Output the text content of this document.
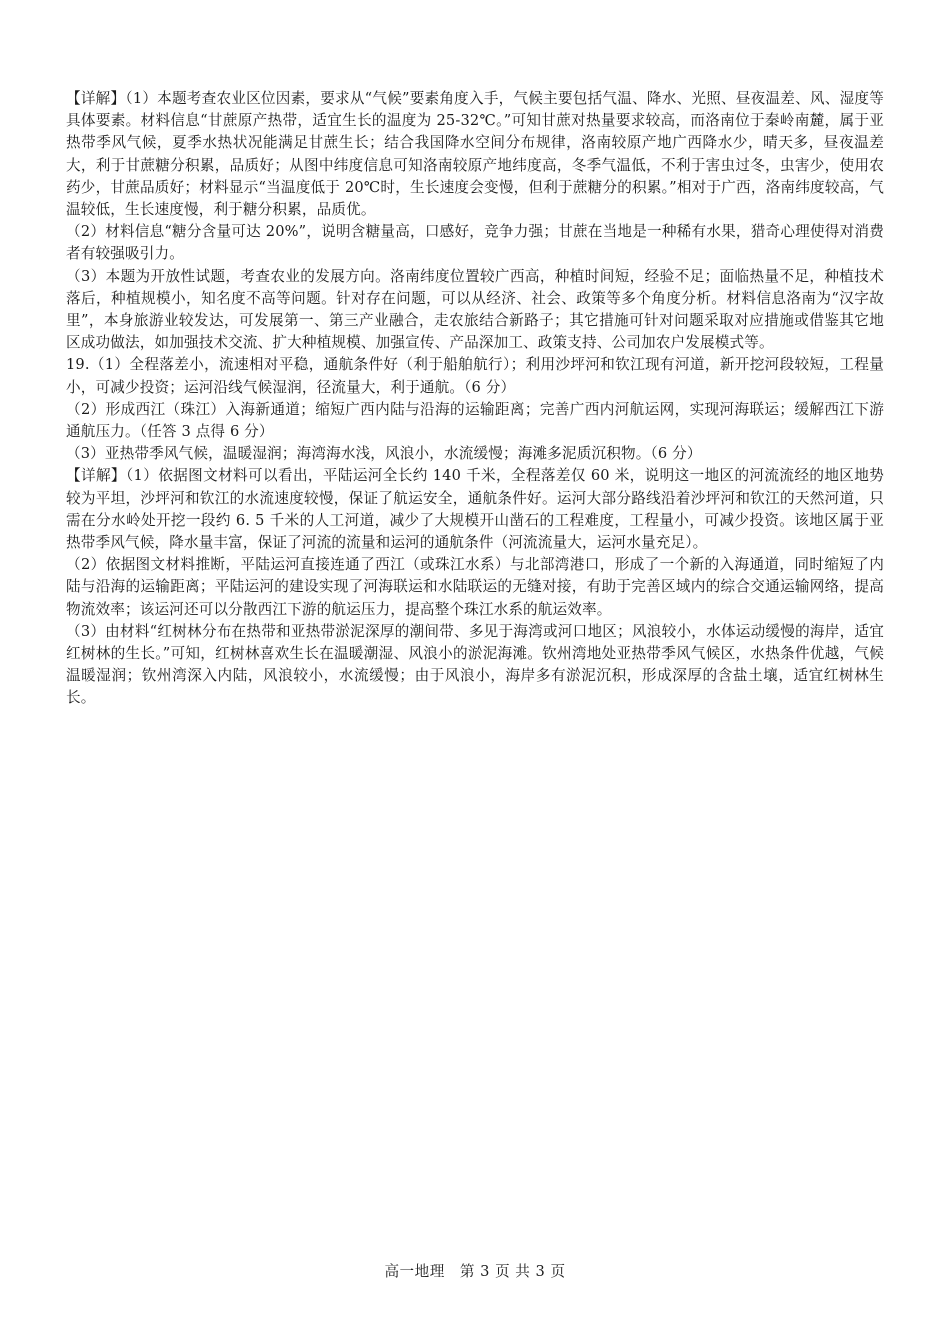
【详解】（1）本题考查农业区位因素，要求从“气候”要素角度入手，气候主要包括气温、降水、光照、昼夜温差、风、湿度等具体要素。材料信息“甘蔗原产热带，适宜生长的温度为 25-32℃。”可知甘蔗对热量要求较高，而洛南位于秦岭南麓，属于亚热带季风气候，夏季水热状况能满足甘蔗生长；结合我国降水空间分布规律，洛南较原产地广西降水少，晴天多，昼夜温差大，利于甘蔗糖分积累，品质好；从图中纬度信息可知洛南较原产地纬度高，冬季气温低，不利于害虫过冬，虫害少，使用农药少，甘蔗品质好；材料显示“当温度低于 20℃时，生长速度会变慢，但利于蔗糖分的积累。”相对于广西，洛南纬度较高，气温较低，生长速度慢，利于糖分积累，品质优。

（2）材料信息“糖分含量可达 20%”，说明含糖量高，口感好，竞争力强；甘蔗在当地是一种稀有水果，猎奇心理使得对消费者有较强吸引力。

（3）本题为开放性试题，考查农业的发展方向。洛南纬度位置较广西高，种植时间短，经验不足；面临热量不足，种植技术落后，种植规模小，知名度不高等问题。针对存在问题，可以从经济、社会、政策等多个角度分析。材料信息洛南为“汉字故里”，本身旅游业较发达，可发展第一、第三产业融合，走农旅结合新路子；其它措施可针对问题采取对应措施或借鉴其它地区成功做法，如加强技术交流、扩大种植规模、加强宣传、产品深加工、政策支持、公司加农户发展模式等。

19.（1）全程落差小，流速相对平稳，通航条件好（利于船舶航行）；利用沙坪河和钦江现有河道，新开挖河段较短，工程量小，可减少投资；运河沿线气候湿润，径流量大，利于通航。（6 分）

（2）形成西江（珠江）入海新通道；缩短广西内陆与沿海的运输距离；完善广西内河航运网，实现河海联运；缓解西江下游通航压力。（任答 3 点得 6 分）

（3）亚热带季风气候，温暖湿润；海湾海水浅，风浪小，水流缓慢；海滩多泥质沉积物。（6 分）

【详解】（1）依据图文材料可以看出，平陆运河全长约 140 千米，全程落差仅 60 米，说明这一地区的河流流经的地区地势较为平坦，沙坪河和钦江的水流速度较慢，保证了航运安全，通航条件好。运河大部分路线沿着沙坪河和钦江的天然河道，只需在分水岭处开挖一段约 6. 5 千米的人工河道，减少了大规模开山凿石的工程难度，工程量小，可减少投资。该地区属于亚热带季风气候，降水量丰富，保证了河流的流量和运河的通航条件（河流流量大，运河水量充足）。

（2）依据图文材料推断，平陆运河直接连通了西江（或珠江水系）与北部湾港口，形成了一个新的入海通道，同时缩短了内陆与沿海的运输距离；平陆运河的建设实现了河海联运和水陆联运的无缝对接，有助于完善区域内的综合交通运输网络，提高物流效率；该运河还可以分散西江下游的航运压力，提高整个珠江水系的航运效率。

（3）由材料“红树林分布在热带和亚热带淤泥深厚的潮间带、多见于海湾或河口地区；风浪较小，水体运动缓慢的海岸，适宜红树林的生长。”可知，红树林喜欢生长在温暖潮湿、风浪小的淤泥海滩。钦州湾地处亚热带季风气候区，水热条件优越，气候温暖湿润；钦州湾深入内陆，风浪较小，水流缓慢；由于风浪小，海岸多有淤泥沉积，形成深厚的含盐土壤，适宜红树林生长。

高一地理　第 3 页 共 3 页
